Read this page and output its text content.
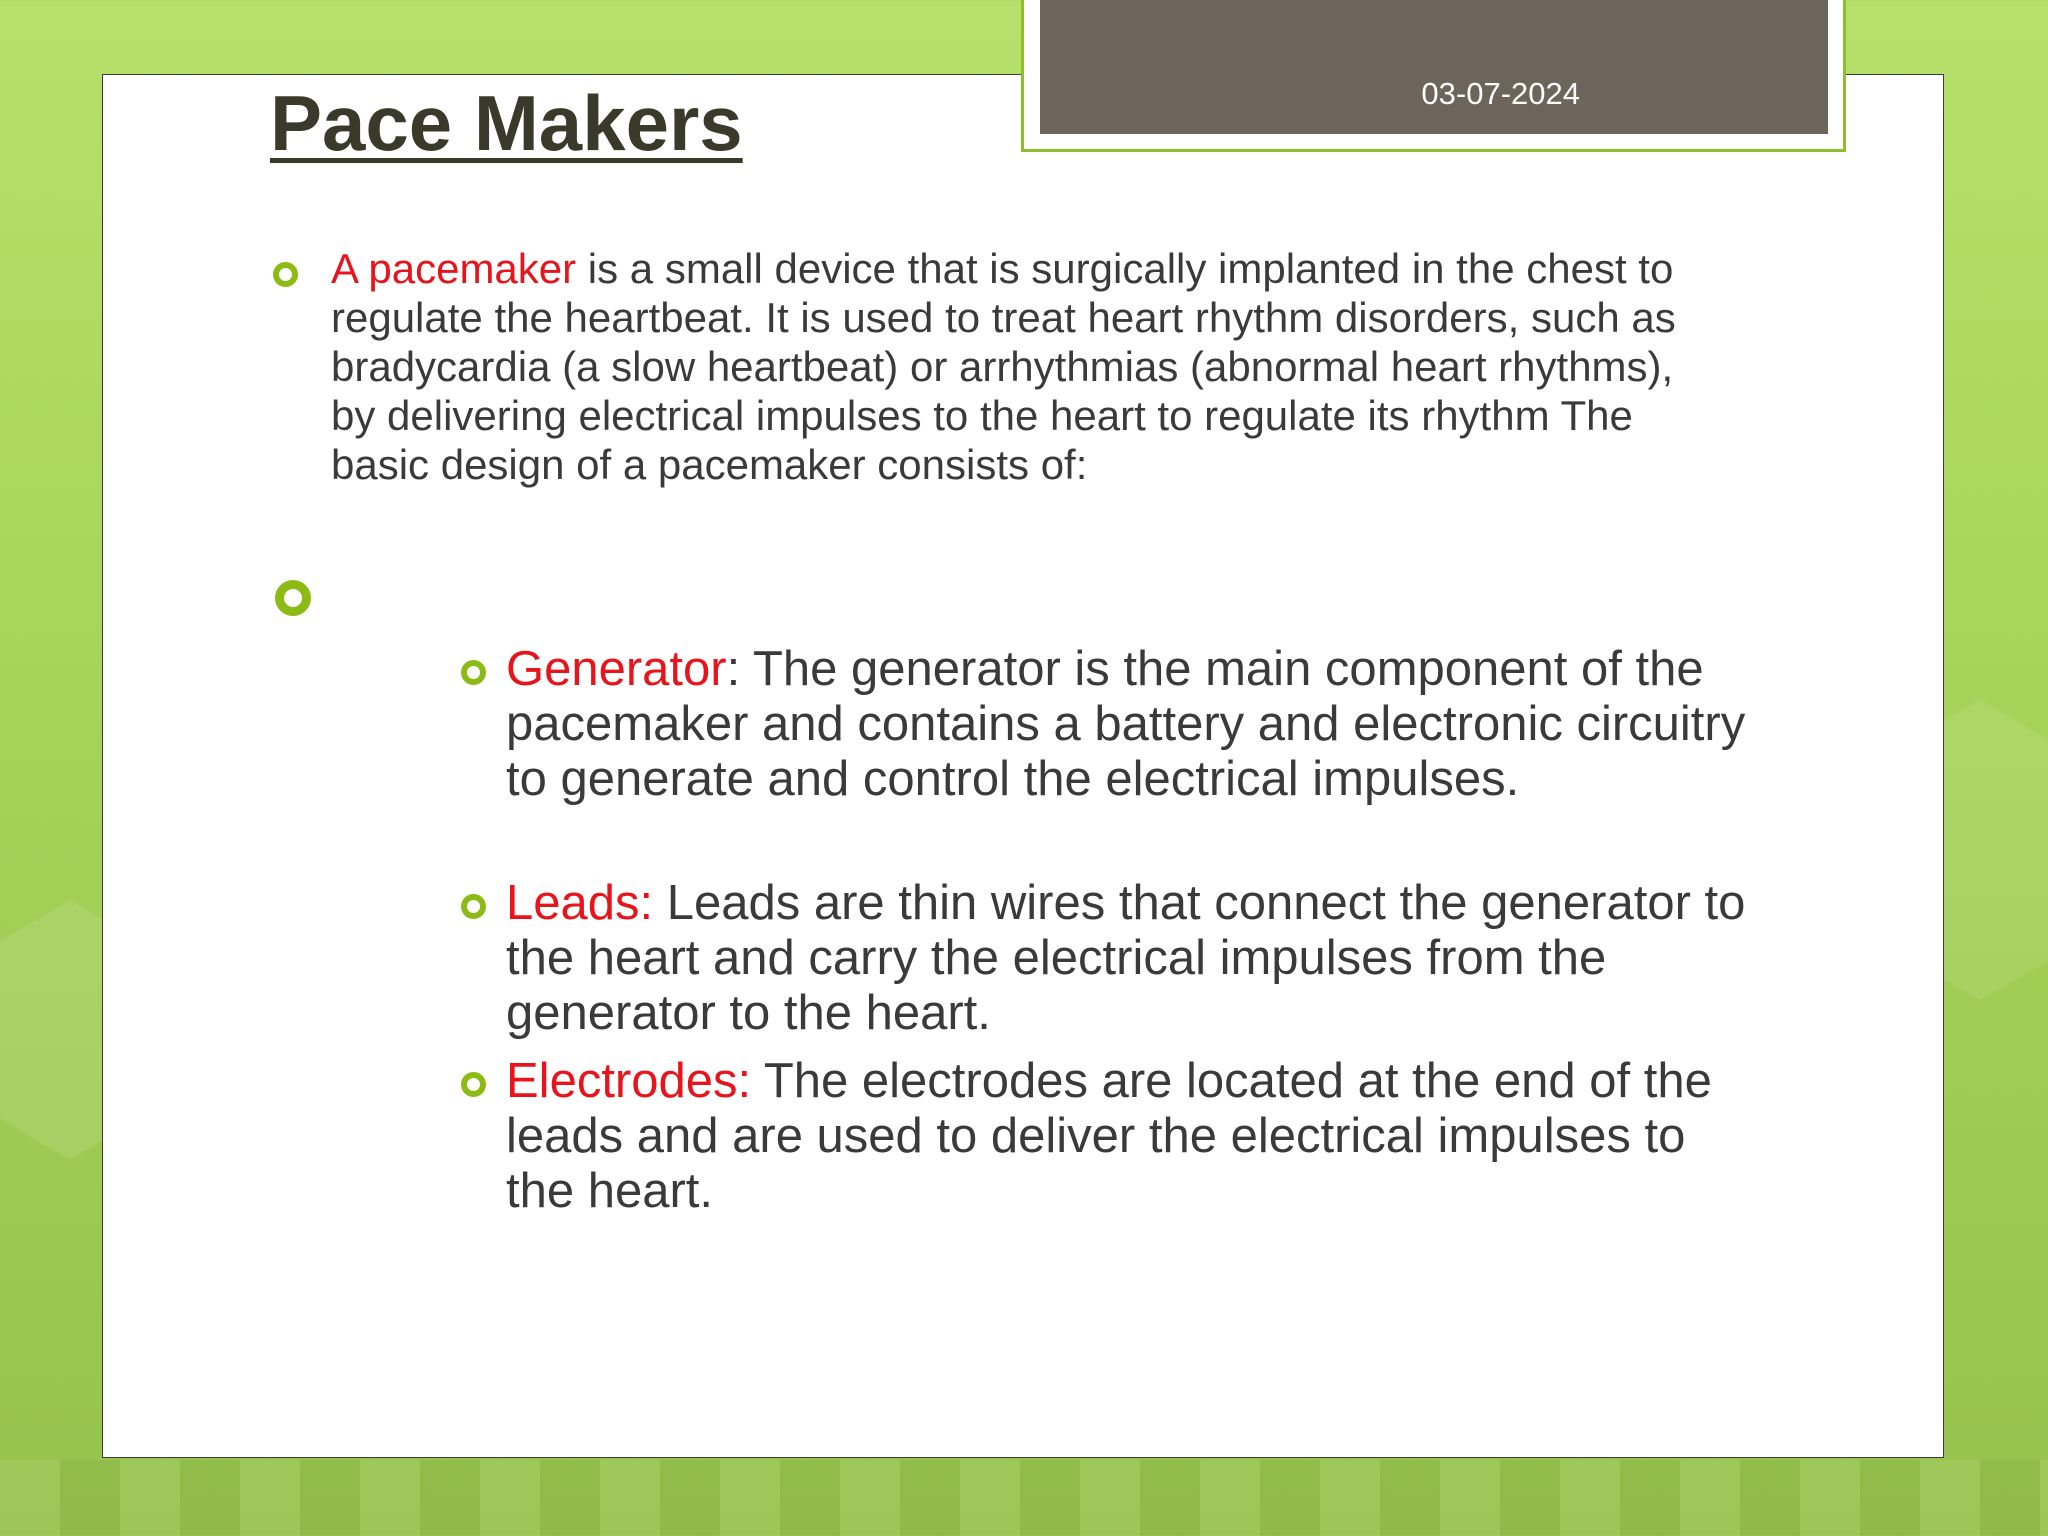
03-07-2024
Pace Makers

A pacemaker is a small device that is surgically implanted in the chest to regulate the heartbeat. It is used to treat heart rhythm disorders, such as bradycardia (a slow heartbeat) or arrhythmias (abnormal heart rhythms), by delivering electrical impulses to the heart to regulate its rhythm The basic design of a pacemaker consists of:

Generator: The generator is the main component of the pacemaker and contains a battery and electronic circuitry to generate and control the electrical impulses.

Leads: Leads are thin wires that connect the generator to the heart and carry the electrical impulses from the generator to the heart.

Electrodes: The electrodes are located at the end of the leads and are used to deliver the electrical impulses to the heart.
